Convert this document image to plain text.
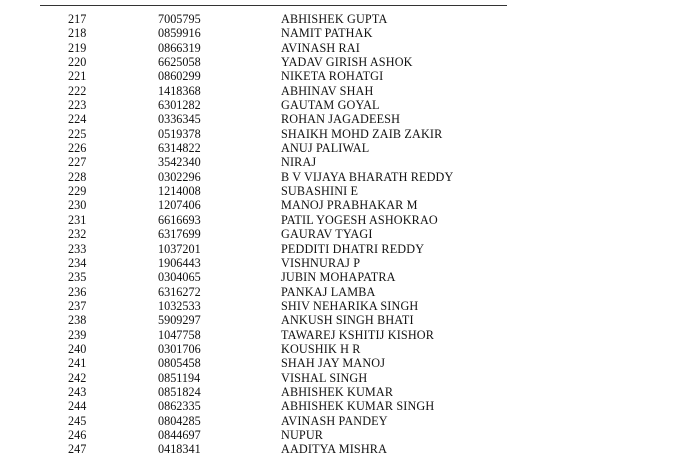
217	7005795	ABHISHEK GUPTA
218	0859916	NAMIT PATHAK
219	0866319	AVINASH RAI
220	6625058	YADAV GIRISH ASHOK
221	0860299	NIKETA ROHATGI
222	1418368	ABHINAV SHAH
223	6301282	GAUTAM GOYAL
224	0336345	ROHAN JAGADEESH
225	0519378	SHAIKH MOHD ZAIB ZAKIR
226	6314822	ANUJ PALIWAL
227	3542340	NIRAJ
228	0302296	B V VIJAYA BHARATH REDDY
229	1214008	SUBASHINI E
230	1207406	MANOJ PRABHAKAR M
231	6616693	PATIL YOGESH ASHOKRAO
232	6317699	GAURAV TYAGI
233	1037201	PEDDITI DHATRI REDDY
234	1906443	VISHNURAJ P
235	0304065	JUBIN MOHAPATRA
236	6316272	PANKAJ LAMBA
237	1032533	SHIV NEHARIKA SINGH
238	5909297	ANKUSH SINGH BHATI
239	1047758	TAWAREJ KSHITIJ KISHOR
240	0301706	KOUSHIK H R
241	0805458	SHAH JAY MANOJ
242	0851194	VISHAL SINGH
243	0851824	ABHISHEK KUMAR
244	0862335	ABHISHEK KUMAR SINGH
245	0804285	AVINASH PANDEY
246	0844697	NUPUR
247	0418341	AADITYA MISHRA
